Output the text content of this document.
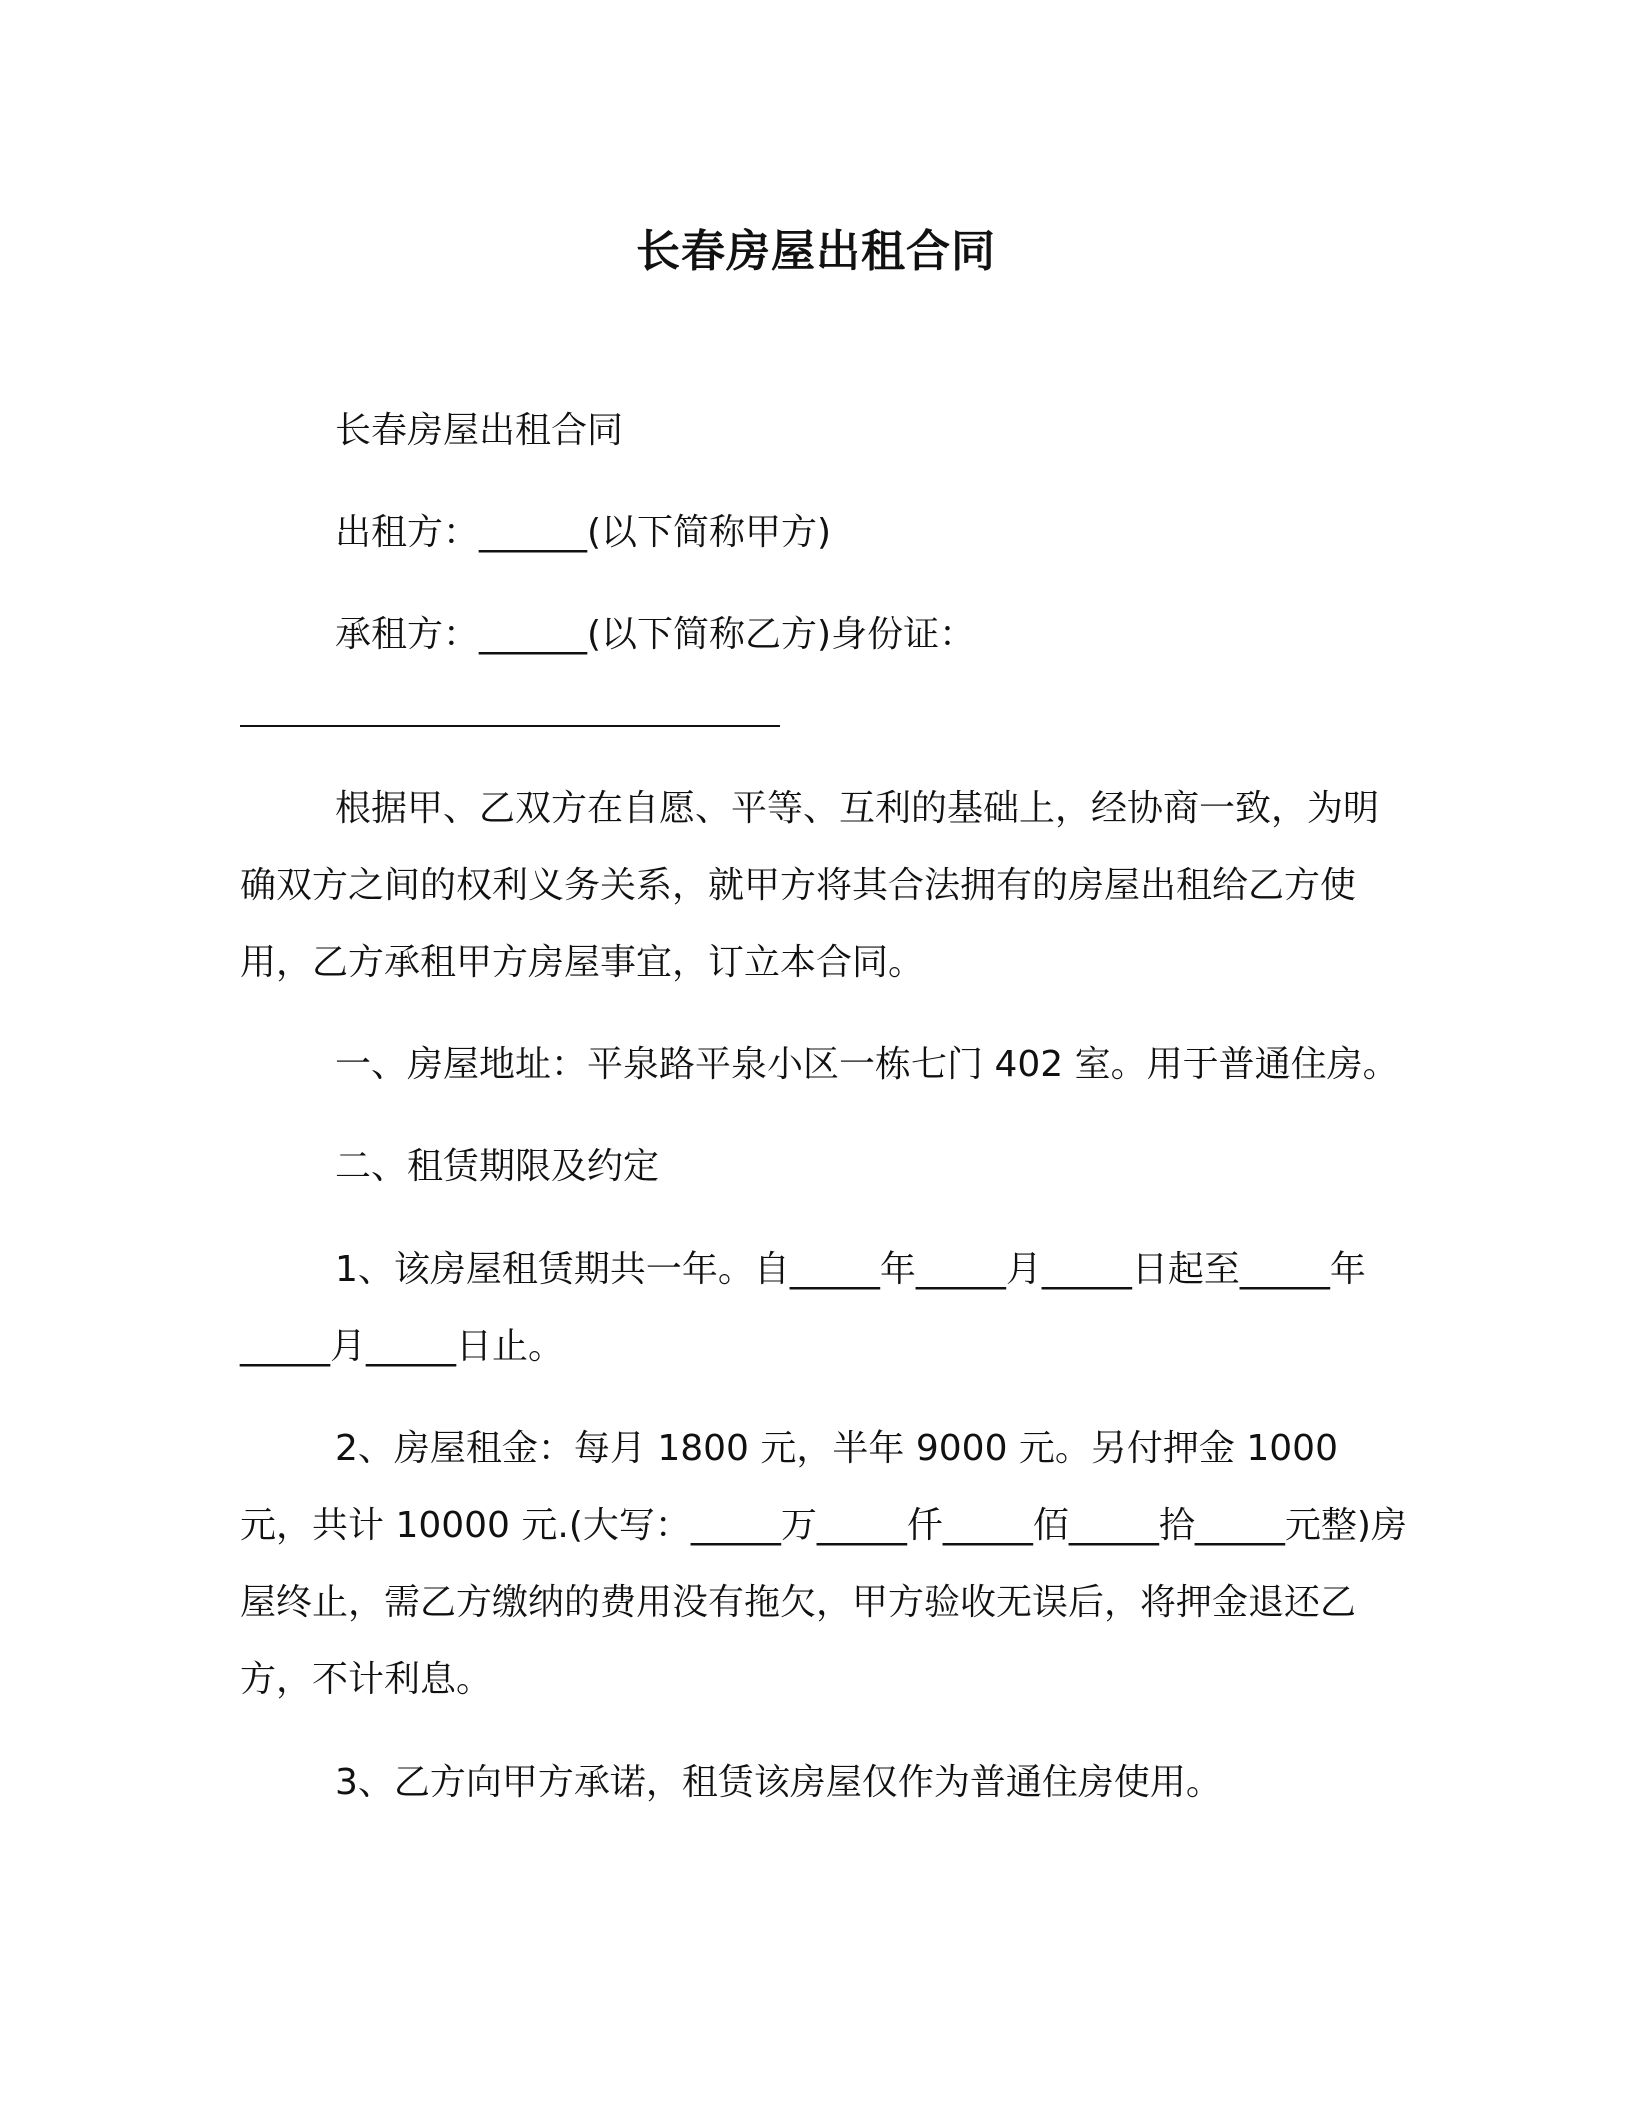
长春房屋出租合同

长春房屋出租合同

出租方：______(以下简称甲方)

承租方：______(以下简称乙方)身份证：

根据甲、乙双方在自愿、平等、互利的基础上，经协商一致，为明确双方之间的权利义务关系，就甲方将其合法拥有的房屋出租给乙方使用，乙方承租甲方房屋事宜，订立本合同。

一、房屋地址：平泉路平泉小区一栋七门 402 室。用于普通住房。

二、租赁期限及约定

1、该房屋租赁期共一年。自_____年_____月_____日起至_____年_____月_____日止。

2、房屋租金：每月 1800 元，半年 9000 元。另付押金 1000 元，共计 10000 元.(大写：_____万_____仟_____佰_____拾_____元整)房屋终止，需乙方缴纳的费用没有拖欠，甲方验收无误后，将押金退还乙方，不计利息。

3、乙方向甲方承诺，租赁该房屋仅作为普通住房使用。
